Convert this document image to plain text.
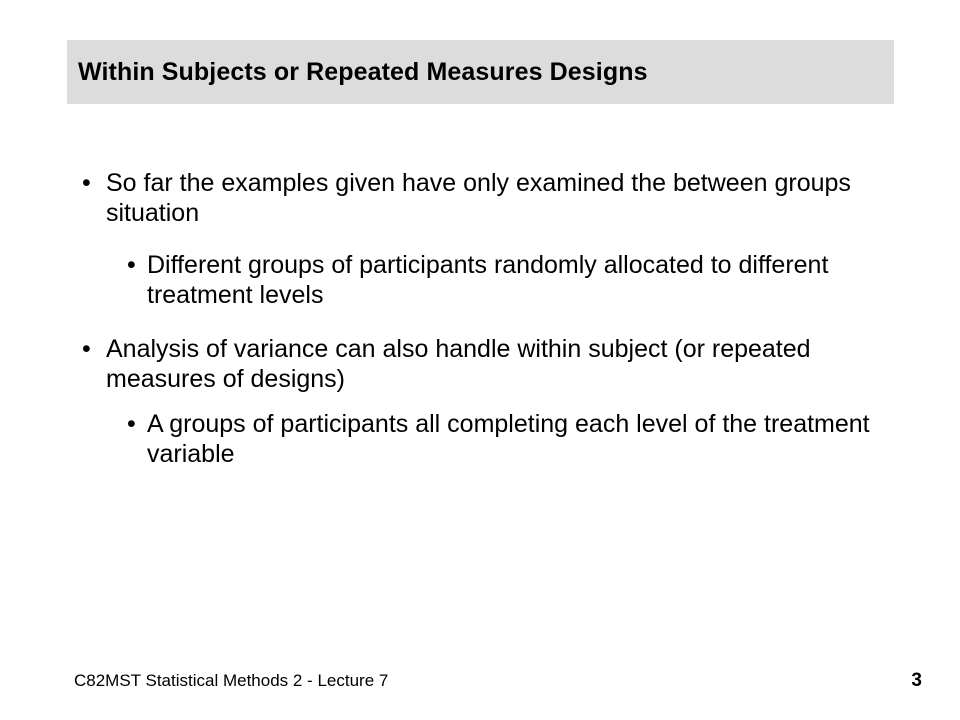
Within Subjects or Repeated Measures Designs
• So far the examples given have only examined the between groups situation
• Different groups of participants randomly allocated to different treatment levels
• Analysis of variance can also handle within subject (or repeated measures of designs)
• A groups of participants all completing each level of the treatment variable
C82MST Statistical Methods 2 - Lecture 7	3
